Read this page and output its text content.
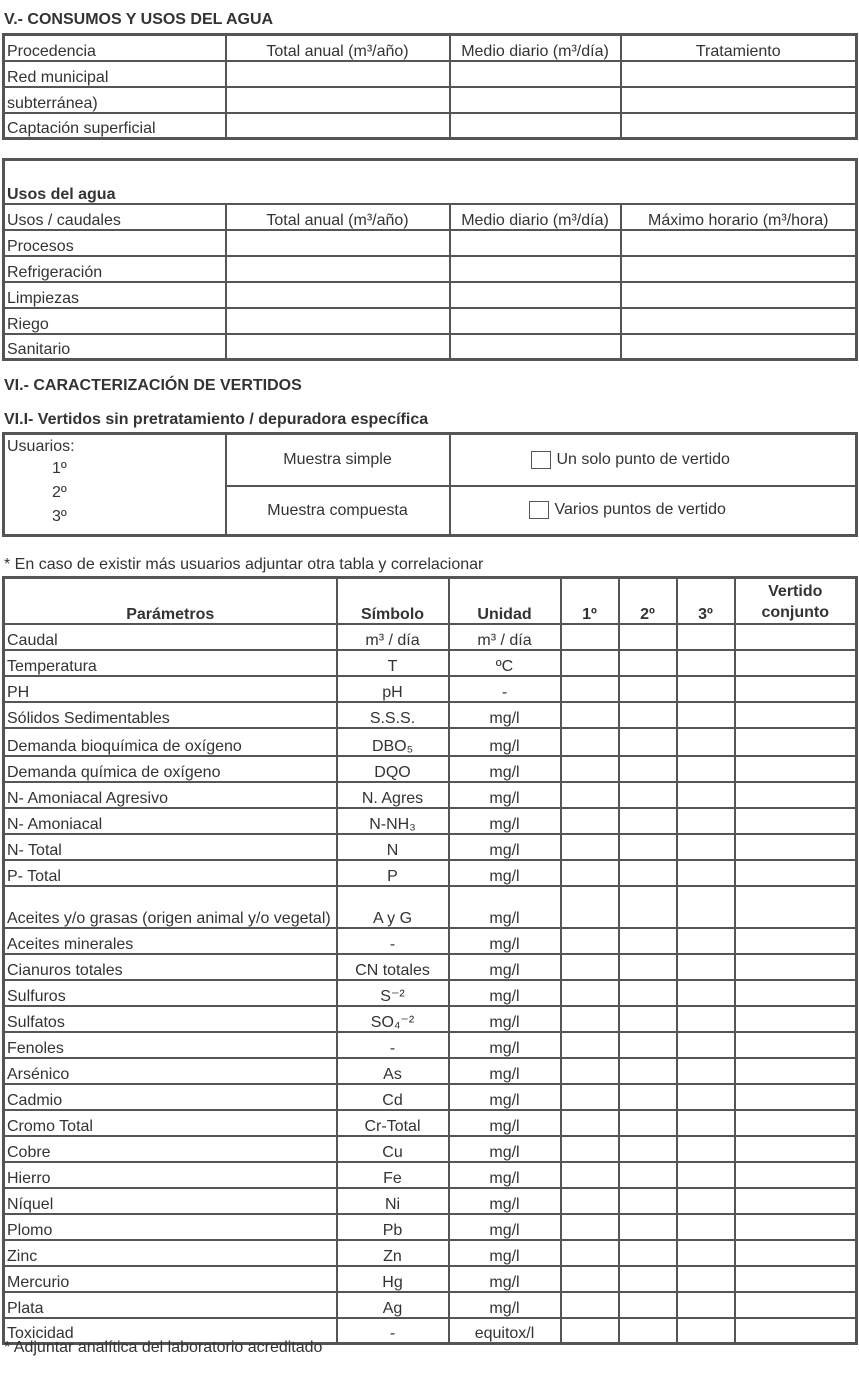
V.- CONSUMOS Y USOS DEL AGUA
Procedencia	Total anual (m³/año)	Medio diario (m³/día)	Tratamiento
Red municipal			
subterránea)			
Captación superficial			
Usos del agua			
Usos / caudales	Total anual (m³/año)	Medio diario (m³/día)	Máximo horario (m³/hora)
Procesos			
Refrigeración			
Limpiezas			
Riego			
Sanitario			
VI.- CARACTERIZACIÓN DE VERTIDOS
VI.I- Vertidos sin pretratamiento / depuradora específica
Usuarios:
1º
2º
3º	Muestra simple	Un solo punto de vertido
	Muestra compuesta	Varios puntos de vertido
* En caso de existir más usuarios adjuntar otra tabla y correlacionar
Parámetros	Símbolo	Unidad	1º	2º	3º	Vertido conjunto
Caudal	m³ / día	m³ / día				
Temperatura	T	ºC				
PH	pH	-				
Sólidos Sedimentables	S.S.S.	mg/l				
Demanda bioquímica de oxígeno	DBO₅	mg/l				
Demanda química de oxígeno	DQO	mg/l				
N- Amoniacal Agresivo	N. Agres	mg/l				
N- Amoniacal	N-NH₃	mg/l				
N- Total	N	mg/l				
P- Total	P	mg/l				
Aceites y/o grasas (origen animal y/o vegetal)	A y G	mg/l				
Aceites minerales	-	mg/l				
Cianuros totales	CN totales	mg/l				
Sulfuros	S⁻²	mg/l				
Sulfatos	SO₄⁻²	mg/l				
Fenoles	-	mg/l				
Arsénico	As	mg/l				
Cadmio	Cd	mg/l				
Cromo Total	Cr-Total	mg/l				
Cobre	Cu	mg/l				
Hierro	Fe	mg/l				
Níquel	Ni	mg/l				
Plomo	Pb	mg/l				
Zinc	Zn	mg/l				
Mercurio	Hg	mg/l				
Plata	Ag	mg/l				
Toxicidad	-	equitox/l				
* Adjuntar analítica del laboratorio acreditado
